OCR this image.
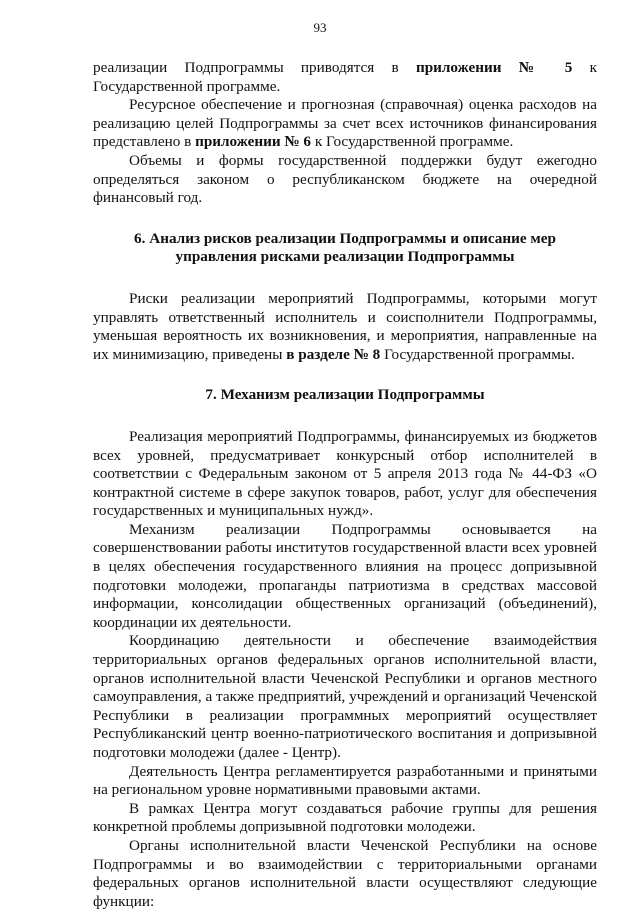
93

реализации Подпрограммы приводятся в приложении № 5 к Государственной программе.

Ресурсное обеспечение и прогнозная (справочная) оценка расходов на реализацию целей Подпрограммы за счет всех источников финансирования представлено в приложении № 6 к Государственной программе.

Объемы и формы государственной поддержки будут ежегодно определяться законом о республиканском бюджете на очередной финансовый год.

6. Анализ рисков реализации Подпрограммы и описание мер управления рисками реализации Подпрограммы

Риски реализации мероприятий Подпрограммы, которыми могут управлять ответственный исполнитель и соисполнители Подпрограммы, уменьшая вероятность их возникновения, и мероприятия, направленные на их минимизацию, приведены в разделе № 8 Государственной программы.

7. Механизм реализации Подпрограммы

Реализация мероприятий Подпрограммы, финансируемых из бюджетов всех уровней, предусматривает конкурсный отбор исполнителей в соответствии с Федеральным законом от 5 апреля 2013 года № 44-ФЗ «О контрактной системе в сфере закупок товаров, работ, услуг для обеспечения государственных и муниципальных нужд».

Механизм реализации Подпрограммы основывается на совершенствовании работы институтов государственной власти всех уровней в целях обеспечения государственного влияния на процесс допризывной подготовки молодежи, пропаганды патриотизма в средствах массовой информации, консолидации общественных организаций (объединений), координации их деятельности.

Координацию деятельности и обеспечение взаимодействия территориальных органов федеральных органов исполнительной власти, органов исполнительной власти Чеченской Республики и органов местного самоуправления, а также предприятий, учреждений и организаций Чеченской Республики в реализации программных мероприятий осуществляет Республиканский центр военно-патриотического воспитания и допризывной подготовки молодежи (далее - Центр).

Деятельность Центра регламентируется разработанными и принятыми на региональном уровне нормативными правовыми актами.

В рамках Центра могут создаваться рабочие группы для решения конкретной проблемы допризывной подготовки молодежи.

Органы исполнительной власти Чеченской Республики на основе Подпрограммы и во взаимодействии с территориальными органами федеральных органов исполнительной власти осуществляют следующие функции:
